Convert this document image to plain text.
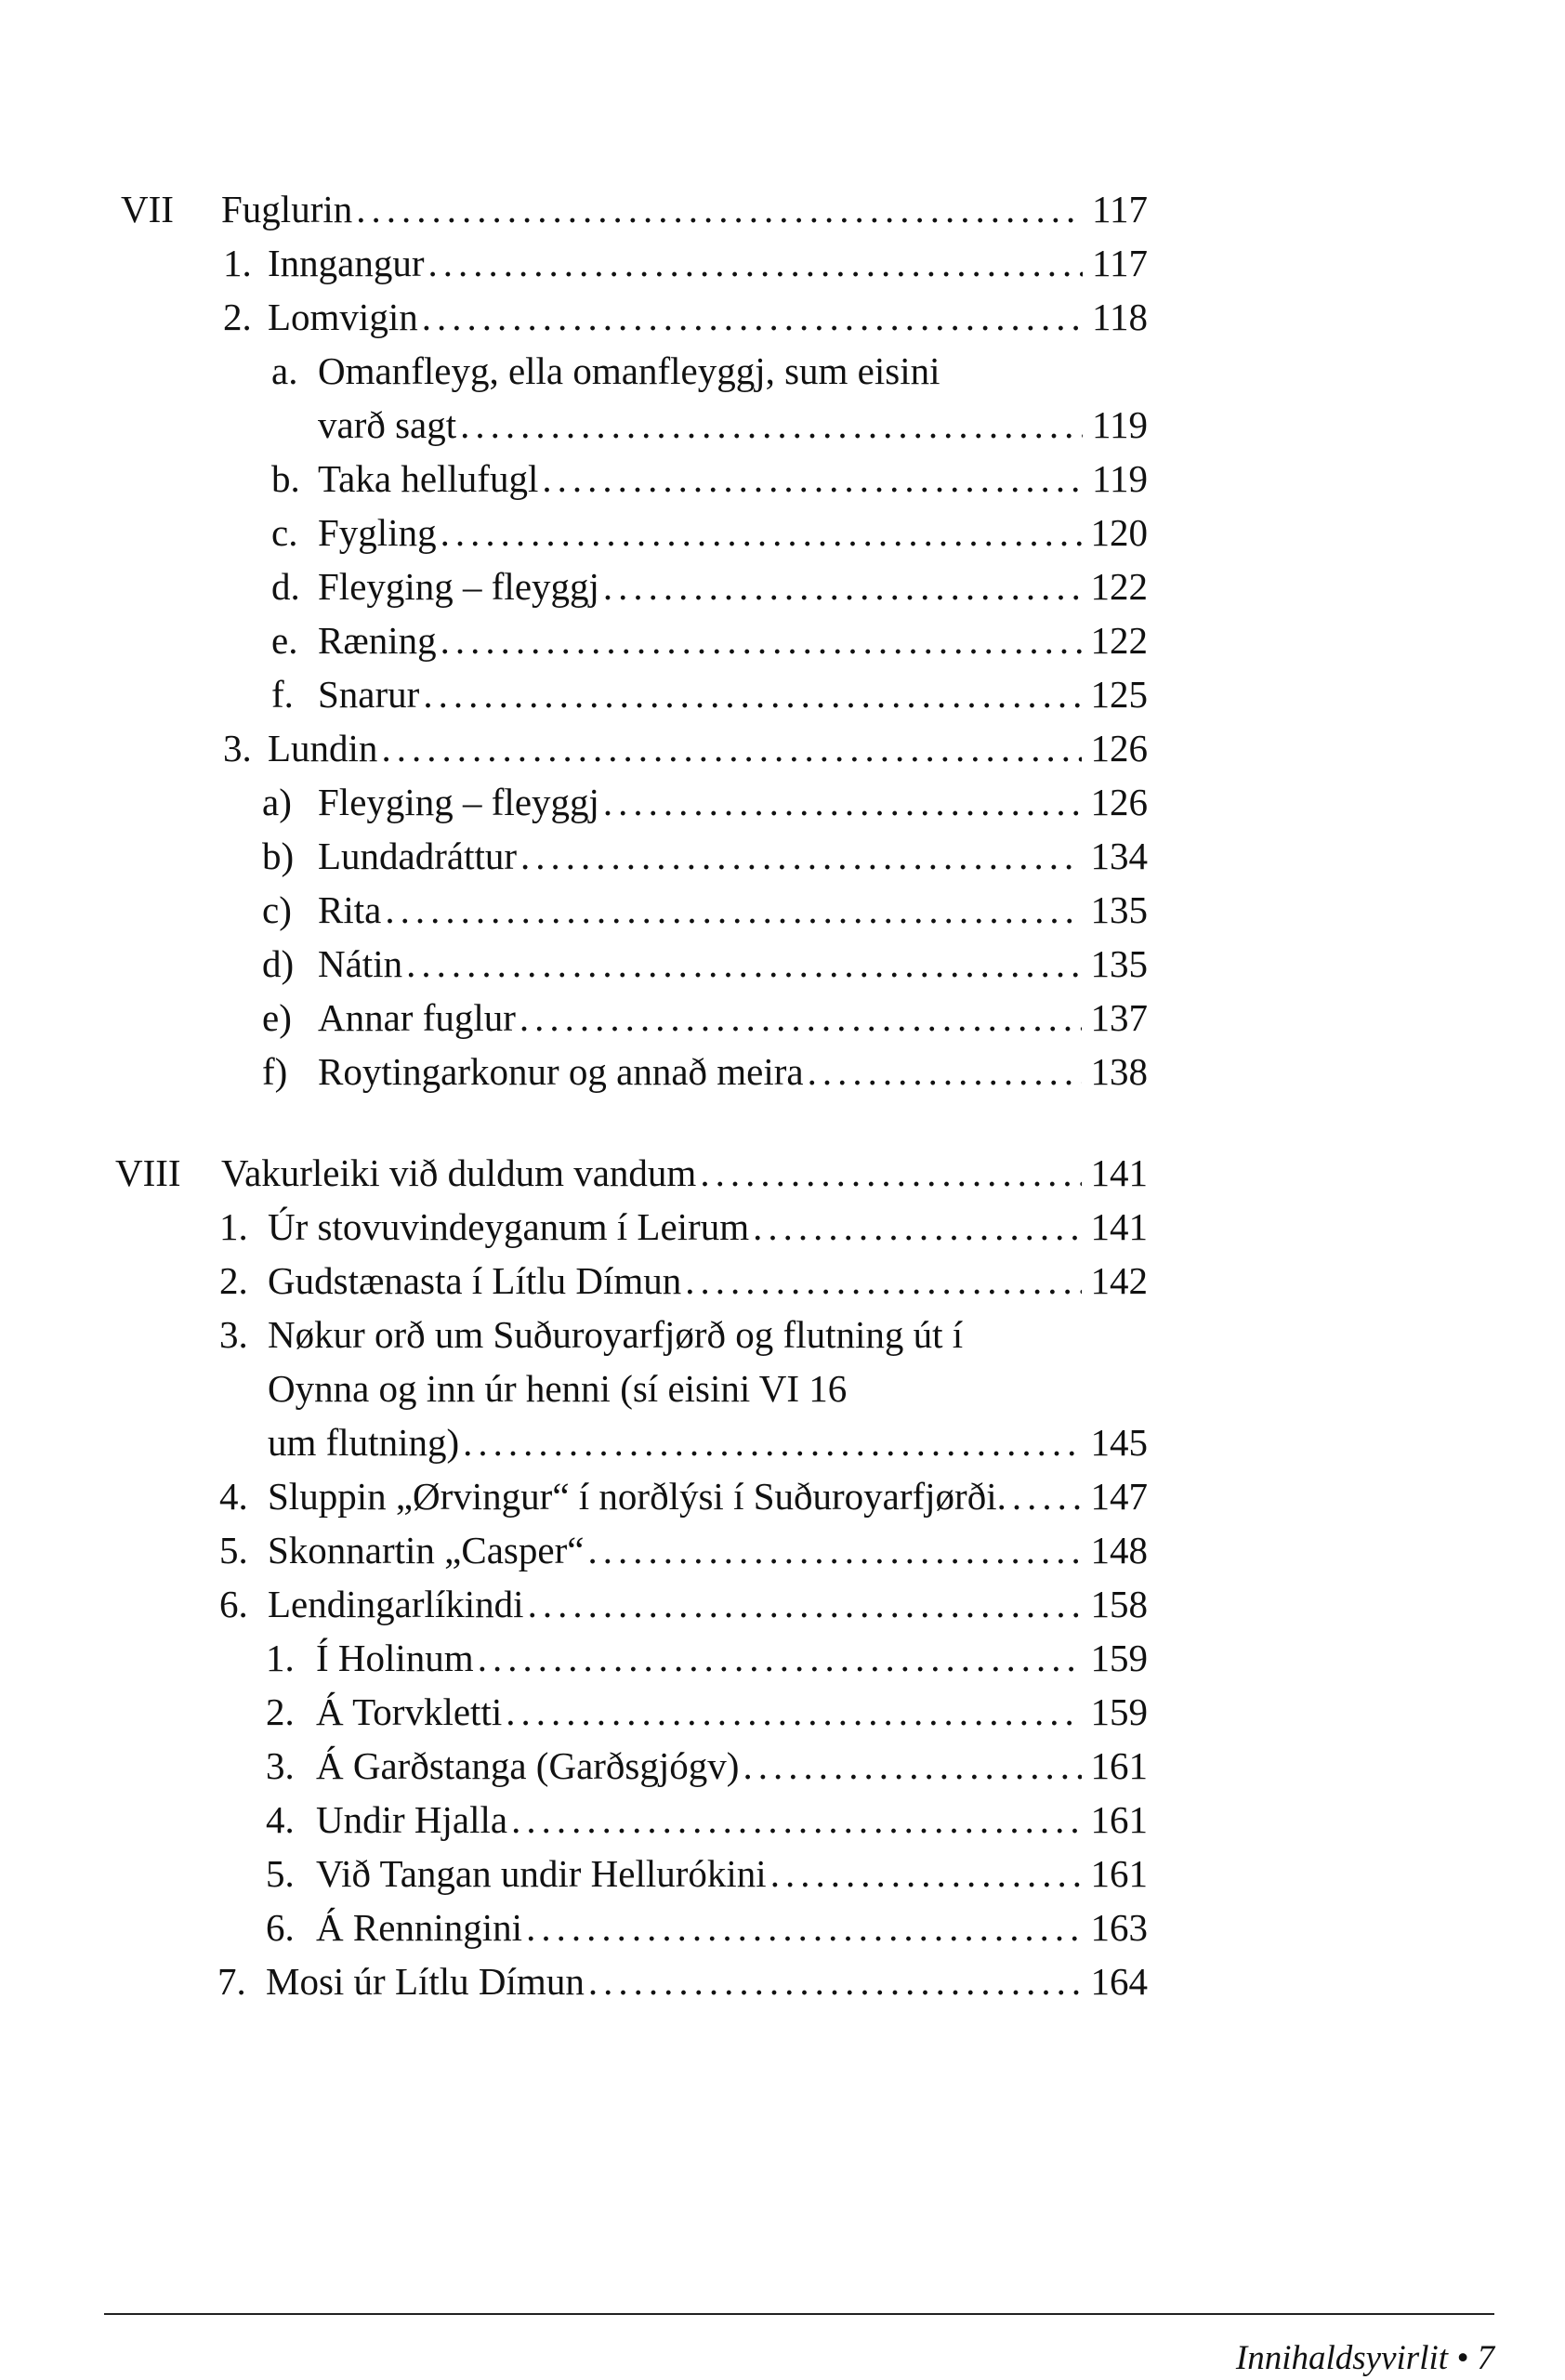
VII Fuglurin .....	117
1. Inngangur .....	117
2. Lomvigin .....	118
a. Omanfleyg, ella omanfleyggj, sum eisini
varð sagt .....	119
b. Taka hellufugl .....	119
c. Fygling .....	120
d. Fleyging – fleyggj .....	122
e. Ræning .....	122
f. Snarur .....	125
3. Lundin .....	126
a) Fleyging – fleyggj .....	126
b) Lundadráttur .....	134
c) Rita .....	135
d) Nátin .....	135
e) Annar fuglur .....	137
f) Roytingarkonur og annað meira .....	138
VIII Vakurleiki við duldum vandum .....	141
1. Úr stovuvindeyganum í Leirum .....	141
2. Gudstænasta í Lítlu Dímun .....	142
3. Nøkur orð um Suðuroyarfjørð og flutning út í
Oynna og inn úr henni (sí eisini VI 16
um flutning) .....	145
4. Sluppin „Ørvingur“ í norðlýsi í Suðuroyarfjørði ..... 147
5. Skonnartin „Casper“ .....	148
6. Lendingarlíkindi .....	158
1. Í Holinum .....	159
2. Á Torvkletti .....	159
3. Á Garðstanga (Garðsgjógv) .....	161
4. Undir Hjalla .....	161
5. Við Tangan undir Hellurókini .....	161
6. Á Renningini .....	163
7. Mosi úr Lítlu Dímun .....	164
Innihaldsyvirlit • 7
